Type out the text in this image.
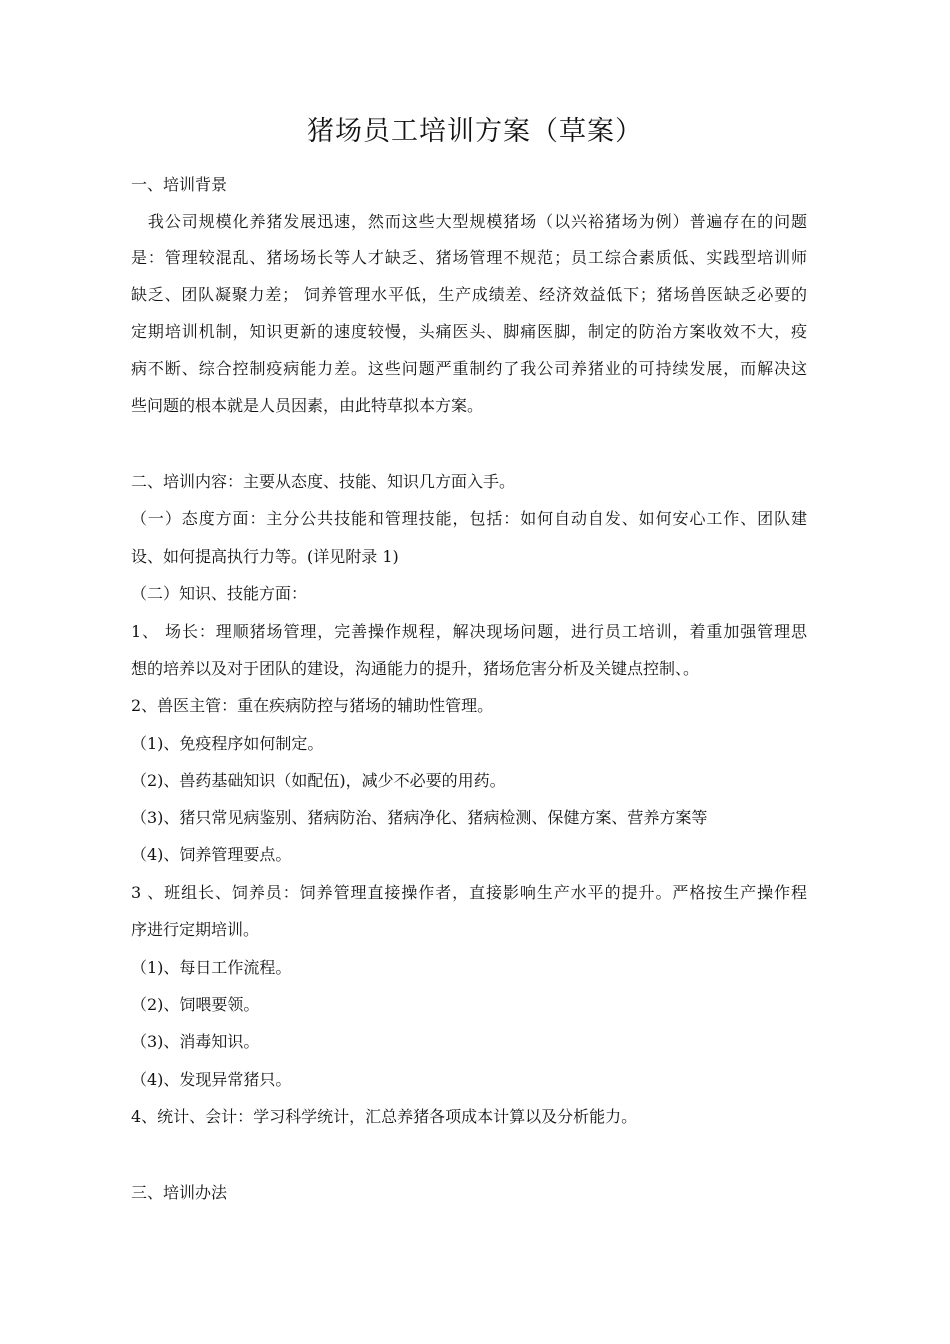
猪场员工培训方案（草案）
一、培训背景
　我公司规模化养猪发展迅速，然而这些大型规模猪场（以兴裕猪场为例）普遍存在的问题
是：管理较混乱、猪场场长等人才缺乏、猪场管理不规范；员工综合素质低、实践型培训师
缺乏、团队凝聚力差； 饲养管理水平低，生产成绩差、经济效益低下；猪场兽医缺乏必要的
定期培训机制，知识更新的速度较慢，头痛医头、脚痛医脚，制定的防治方案收效不大，疫
病不断、综合控制疫病能力差。这些问题严重制约了我公司养猪业的可持续发展，而解决这
些问题的根本就是人员因素，由此特草拟本方案。
二、培训内容：主要从态度、技能、知识几方面入手。
（一）态度方面：主分公共技能和管理技能，包括：如何自动自发、如何安心工作、团队建
设、如何提高执行力等。(详见附录 1)
（二）知识、技能方面：
1、 场长：理顺猪场管理，完善操作规程，解决现场问题，进行员工培训，着重加强管理思
想的培养以及对于团队的建设，沟通能力的提升，猪场危害分析及关键点控制、。
2、兽医主管：重在疾病防控与猪场的辅助性管理。
（1)、免疫程序如何制定。
（2)、兽药基础知识（如配伍)，减少不必要的用药。
（3)、猪只常见病鉴别、猪病防治、猪病净化、猪病检测、保健方案、营养方案等
（4)、饲养管理要点。
3 、班组长、饲养员：饲养管理直接操作者，直接影响生产水平的提升。严格按生产操作程
序进行定期培训。
（1)、每日工作流程。
（2)、饲喂要领。
（3)、消毒知识。
（4)、发现异常猪只。
4、统计、会计：学习科学统计，汇总养猪各项成本计算以及分析能力。
三、培训办法
